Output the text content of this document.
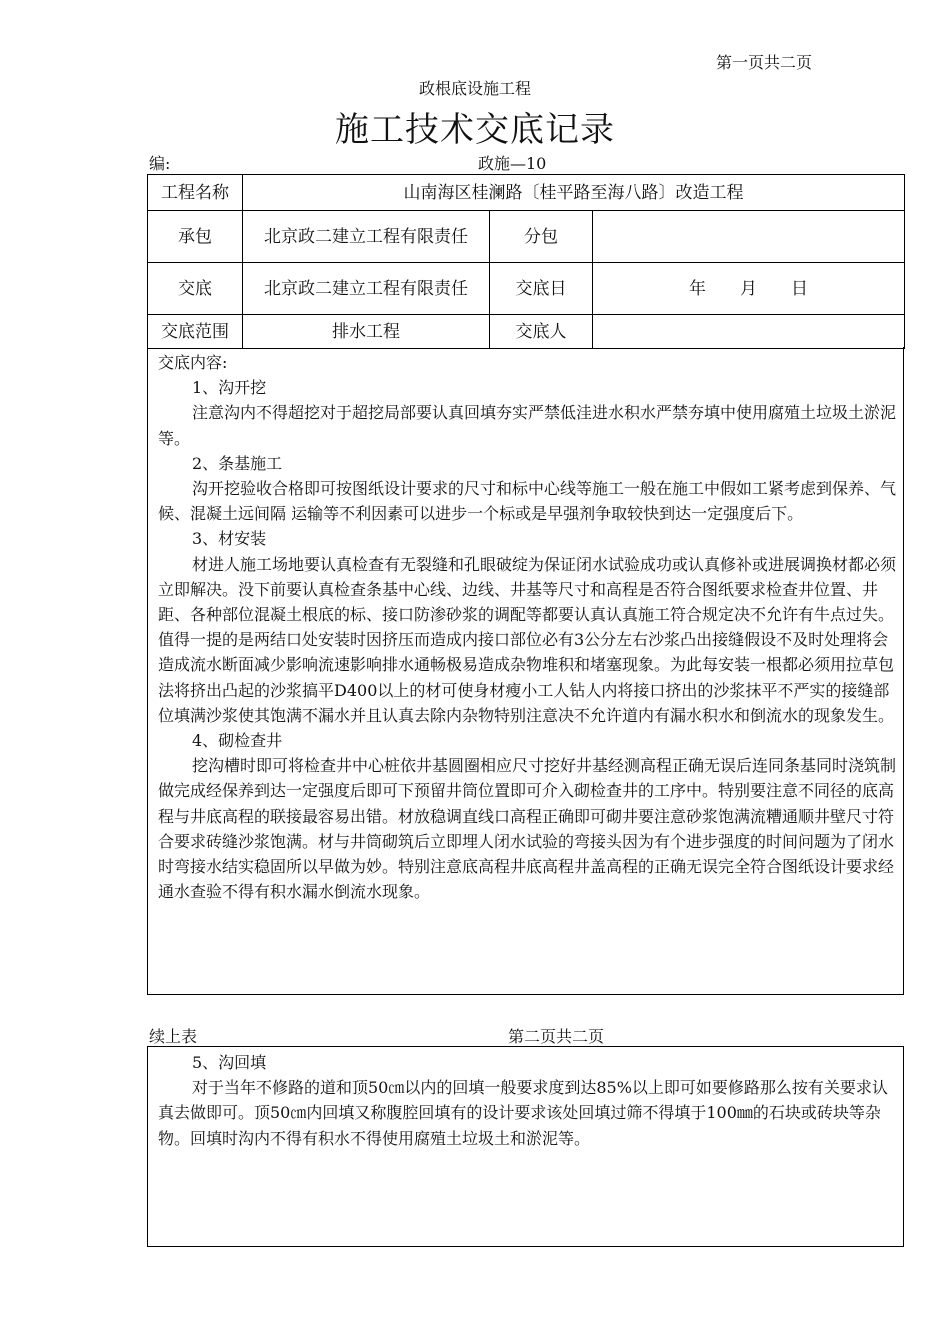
第一页共二页
政根底设施工程
施工技术交底记录
编:	政施—10
工程名称	山南海区桂澜路〔桂平路至海八路〕改造工程		
承包	北京政二建立工程有限责任	分包	
交底	北京政二建立工程有限责任	交底日	年　　月　　日
交底范围	排水工程	交底人	

交底内容:

1、沟开挖

注意沟内不得超挖对于超挖局部要认真回填夯实严禁低洼进水积水严禁夯填中使用腐殖土垃圾土淤泥等。

2、条基施工

沟开挖验收合格即可按图纸设计要求的尺寸和标中心线等施工一般在施工中假如工紧考虑到保养、气候、混凝土远间隔 运输等不利因素可以进步一个标或是早强剂争取较快到达一定强度后下。

3、材安装

材进人施工场地要认真检查有无裂缝和孔眼破绽为保证闭水试验成功或认真修补或进展调换材都必须立即解决。没下前要认真检查条基中心线、边线、井基等尺寸和高程是否符合图纸要求检查井位置、井距、各种部位混凝土根底的标、接口防渗砂浆的调配等都要认真认真施工符合规定决不允许有牛点过失。值得一提的是两结口处安装时因挤压而造成内接口部位必有3公分左右沙浆凸出接缝假设不及时处理将会造成流水断面减少影响流速影响排水通畅极易造成杂物堆积和堵塞现象。为此每安装一根都必须用拉草包法将挤出凸起的沙浆搞平D400以上的材可使身材瘦小工人钻人内将接口挤出的沙浆抹平不严实的接缝部位填满沙浆使其饱满不漏水并且认真去除内杂物特别注意决不允许道内有漏水积水和倒流水的现象发生。

4、砌检查井

挖沟槽时即可将检查井中心桩依井基圆圈相应尺寸挖好井基经测高程正确无误后连同条基同时浇筑制做完成经保养到达一定强度后即可下预留井筒位置即可介入砌检查井的工序中。特别要注意不同径的底高程与井底高程的联接最容易出错。材放稳调直线口高程正确即可砌井要注意砂浆饱满流糟通顺井壁尺寸符合要求砖缝沙浆饱满。材与井筒砌筑后立即埋人闭水试验的弯接头因为有个进步强度的时间问题为了闭水时弯接水结实稳固所以早做为妙。特别注意底高程井底高程井盖高程的正确无误完全符合图纸设计要求经通水查验不得有积水漏水倒流水现象。

续上表	第二页共二页

5、沟回填

对于当年不修路的道和顶50㎝以内的回填一般要求度到达85%以上即可如要修路那么按有关要求认真去做即可。顶50㎝内回填又称腹腔回填有的设计要求该处回填过筛不得填于100㎜的石块或砖块等杂物。回填时沟内不得有积水不得使用腐殖土垃圾土和淤泥等。
